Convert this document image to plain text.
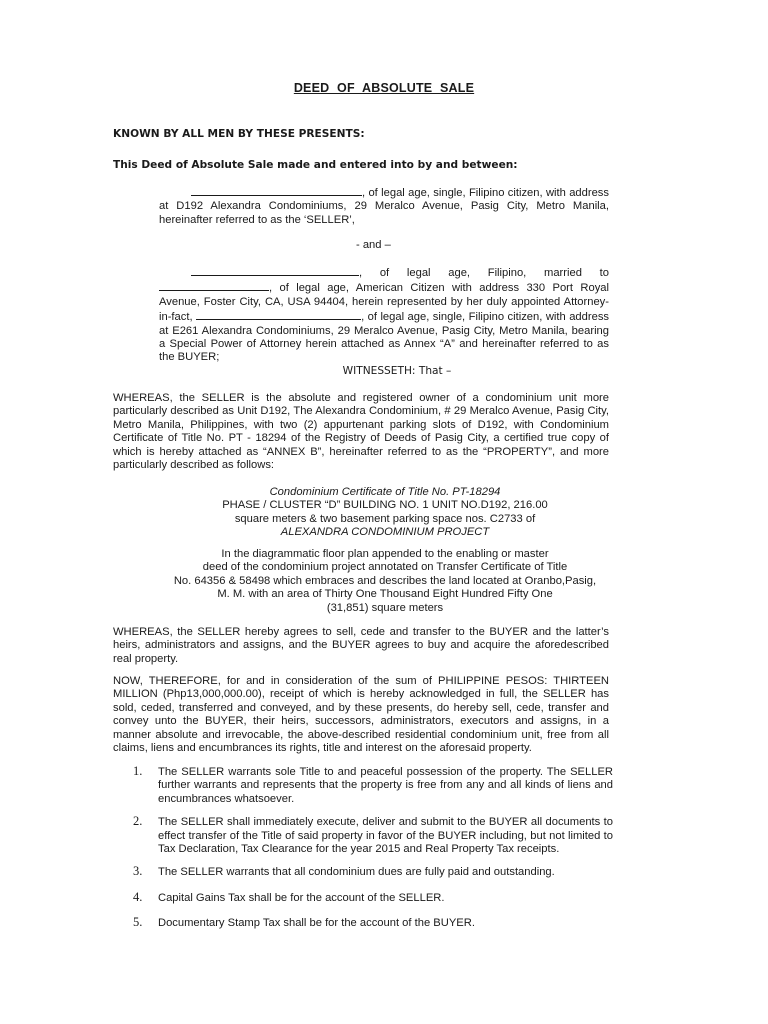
DEED OF ABSOLUTE SALE
KNOWN BY ALL MEN BY THESE PRESENTS:
This Deed of Absolute Sale made and entered into by and between:
, of legal age, single, Filipino citizen, with address at D192 Alexandra Condominiums, 29 Meralco Avenue, Pasig City, Metro Manila, hereinafter referred to as the ‘SELLER’,
- and –
, of legal age, Filipino, married to , of legal age, American Citizen with address 330 Port Royal Avenue, Foster City, CA, USA 94404, herein represented by her duly appointed Attorney-in-fact,	, of legal age, single, Filipino citizen, with address at E261 Alexandra Condominiums, 29 Meralco Avenue, Pasig City, Metro Manila, bearing a Special Power of Attorney herein attached as Annex “A” and hereinafter referred to as the BUYER;
WITNESSETH: That –
WHEREAS, the SELLER is the absolute and registered owner of a condominium unit more particularly described as Unit D192, The Alexandra Condominium, # 29 Meralco Avenue, Pasig City, Metro Manila, Philippines, with two (2) appurtenant parking slots of D192, with Condominium Certificate of Title No. PT - 18294 of the Registry of Deeds of Pasig City, a certified true copy of which is hereby attached as “ANNEX B”, hereinafter referred to as the “PROPERTY”, and more particularly described as follows:
Condominium Certificate of Title No. PT-18294
PHASE / CLUSTER “D” BUILDING NO. 1 UNIT NO.D192, 216.00
square meters & two basement parking space nos. C2733 of
ALEXANDRA CONDOMINIUM PROJECT
In the diagrammatic floor plan appended to the enabling or master
deed of the condominium project annotated on Transfer Certificate of Title
No. 64356 & 58498 which embraces and describes the land located at Oranbo,Pasig,
M. M. with an area of Thirty One Thousand Eight Hundred Fifty One
(31,851) square meters
WHEREAS, the SELLER hereby agrees to sell, cede and transfer to the BUYER and the latter’s heirs, administrators and assigns, and the BUYER agrees to buy and acquire the aforedescribed real property.
NOW, THEREFORE, for and in consideration of the sum of PHILIPPINE PESOS: THIRTEEN MILLION (Php13,000,000.00), receipt of which is hereby acknowledged in full, the SELLER has sold, ceded, transferred and conveyed, and by these presents, do hereby sell, cede, transfer and convey unto the BUYER, their heirs, successors, administrators, executors and assigns, in a manner absolute and irrevocable, the above-described residential condominium unit, free from all claims, liens and encumbrances its rights, title and interest on the aforesaid property.
1. The SELLER warrants sole Title to and peaceful possession of the property. The SELLER further warrants and represents that the property is free from any and all kinds of liens and encumbrances whatsoever.
2. The SELLER shall immediately execute, deliver and submit to the BUYER all documents to effect transfer of the Title of said property in favor of the BUYER including, but not limited to Tax Declaration, Tax Clearance for the year 2015 and Real Property Tax receipts.
3. The SELLER warrants that all condominium dues are fully paid and outstanding.
4. Capital Gains Tax shall be for the account of the SELLER.
5. Documentary Stamp Tax shall be for the account of the BUYER.
